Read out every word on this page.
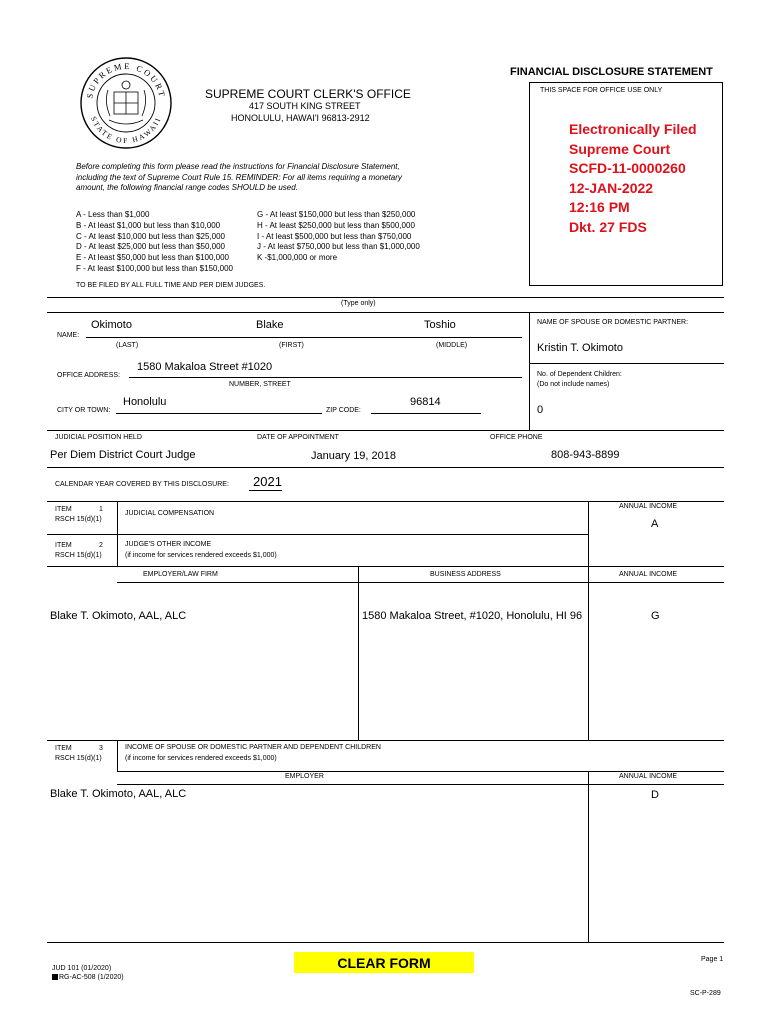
SUPREME COURT
STATE OF HAWAII
FINANCIAL DISCLOSURE STATEMENT
SUPREME COURT CLERK'S OFFICE
417 SOUTH KING STREET
HONOLULU, HAWAI'I 96813-2912
THIS SPACE FOR OFFICE USE ONLY
Electronically Filed
Supreme Court
SCFD-11-0000260
12-JAN-2022
12:16 PM
Dkt. 27 FDS
Before completing this form please read the instructions for Financial Disclosure Statement,
including the text of Supreme Court Rule 15. REMINDER: For all items requiring a monetary
amount, the following financial range codes SHOULD be used.
A - Less than $1,000
B - At least $1,000 but less than $10,000
C - At least $10,000 but less than $25,000
D - At least $25,000 but less than $50,000
E - At least $50,000 but less than $100,000
F - At least $100,000 but less than $150,000
G - At least $150,000 but less than $250,000
H - At least $250,000 but less than $500,000
I - At least $500,000 but less than $750,000
J - At least $750,000 but less than $1,000,000
K -$1,000,000 or more
TO BE FILED BY ALL FULL TIME AND PER DIEM JUDGES.
(Type only)
NAME:
Okimoto	Blake	Toshio
(LAST)	(FIRST)	(MIDDLE)
NAME OF SPOUSE OR DOMESTIC PARTNER:
Kristin T. Okimoto
OFFICE ADDRESS:
1580 Makaloa Street #1020
NUMBER, STREET
No. of Dependent Children:
(Do not include names)
0
CITY OR TOWN:
Honolulu
ZIP CODE:
96814
JUDICIAL POSITION HELD
Per Diem District Court Judge
DATE OF APPOINTMENT
January 19, 2018
OFFICE PHONE
808-943-8899
CALENDAR YEAR COVERED BY THIS DISCLOSURE: 2021
ITEM	1
RSCH 15(d)(1)
JUDICIAL COMPENSATION
ANNUAL INCOME
A
ITEM	2
RSCH 15(d)(1)
JUDGE'S OTHER INCOME
(if income for services rendered exceeds $1,000)
EMPLOYER/LAW FIRM	BUSINESS ADDRESS	ANNUAL INCOME
Blake T. Okimoto, AAL, ALC	1580 Makaloa Street, #1020, Honolulu, HI 96	G
ITEM	3
RSCH 15(d)(1)
INCOME OF SPOUSE OR DOMESTIC PARTNER AND DEPENDENT CHILDREN
(if income for services rendered exceeds $1,000)
EMPLOYER	ANNUAL INCOME
Blake T. Okimoto, AAL, ALC	D
JUD 101 (01/2020)
RG-AC-508 (1/2020)
CLEAR FORM	Page 1
SC-P-289
